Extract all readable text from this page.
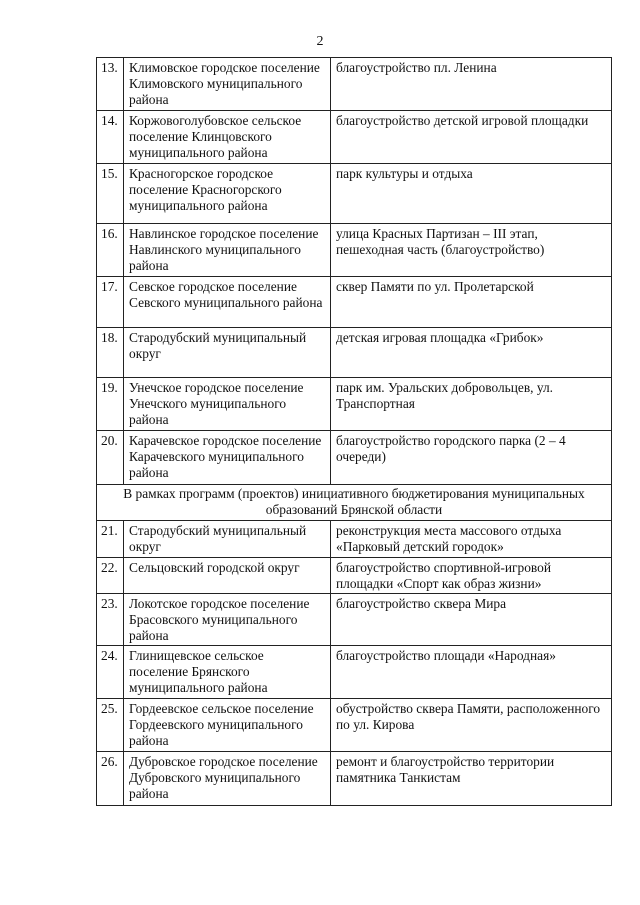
2
13.	Климовское городское поселение Климовского муниципального района	благоустройство пл. Ленина
14.	Коржовоголубовское сельское поселение Клинцовского муниципального района	благоустройство детской игровой площадки
15.	Красногорское городское поселение Красногорского муниципального района	парк культуры и отдыха
16.	Навлинское городское поселение Навлинского муниципального района	улица Красных Партизан – III этап, пешеходная часть (благоустройство)
17.	Севское городское поселение Севского муниципального района	сквер Памяти по ул. Пролетарской
18.	Стародубский муниципальный округ	детская игровая площадка «Грибок»
19.	Унечское городское поселение Унечского муниципального района	парк им. Уральских добровольцев, ул. Транспортная
20.	Карачевское городское поселение Карачевского муниципального района	благоустройство городского парка (2 – 4 очереди)
В рамках программ (проектов) инициативного бюджетирования муниципальных образований Брянской области		
21.	Стародубский муниципальный округ	реконструкция места массового отдыха «Парковый детский городок»
22.	Сельцовский городской округ	благоустройство спортивной-игровой площадки «Спорт как образ жизни»
23.	Локотское городское поселение Брасовского муниципального района	благоустройство сквера Мира
24.	Глинищевское сельское поселение Брянского муниципального района	благоустройство площади «Народная»
25.	Гордеевское сельское поселение Гордеевского муниципального района	обустройство сквера Памяти, расположенного по ул. Кирова
26.	Дубровское городское поселение Дубровского муниципального района	ремонт и благоустройство территории памятника Танкистам
